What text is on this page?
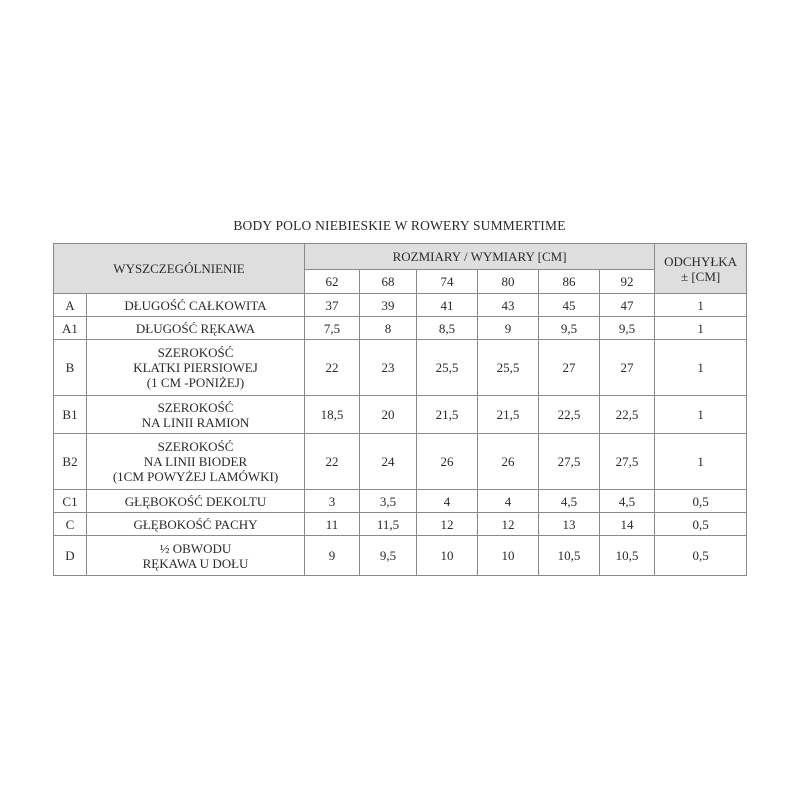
BODY POLO NIEBIESKIE W ROWERY SUMMERTIME
WYSZCZEGÓLNIENIE		ROZMIARY / WYMIARY [CM]						ODCHYŁKA
± [CM]
		62	68	74	80	86	92	
A	DŁUGOŚĆ CAŁKOWITA	37	39	41	43	45	47	1
A1	DŁUGOŚĆ RĘKAWA	7,5	8	8,5	9	9,5	9,5	1
B	SZEROKOŚĆ
KLATKI PIERSIOWEJ
(1 CM -PONIŻEJ)	22	23	25,5	25,5	27	27	1
B1	SZEROKOŚĆ
NA LINII RAMION	18,5	20	21,5	21,5	22,5	22,5	1
B2	SZEROKOŚĆ
NA LINII BIODER
(1CM POWYŻEJ LAMÓWKI)	22	24	26	26	27,5	27,5	1
C1	GŁĘBOKOŚĆ DEKOLTU	3	3,5	4	4	4,5	4,5	0,5
C	GŁĘBOKOŚĆ PACHY	11	11,5	12	12	13	14	0,5
D	½ OBWODU
RĘKAWA U DOŁU	9	9,5	10	10	10,5	10,5	0,5
